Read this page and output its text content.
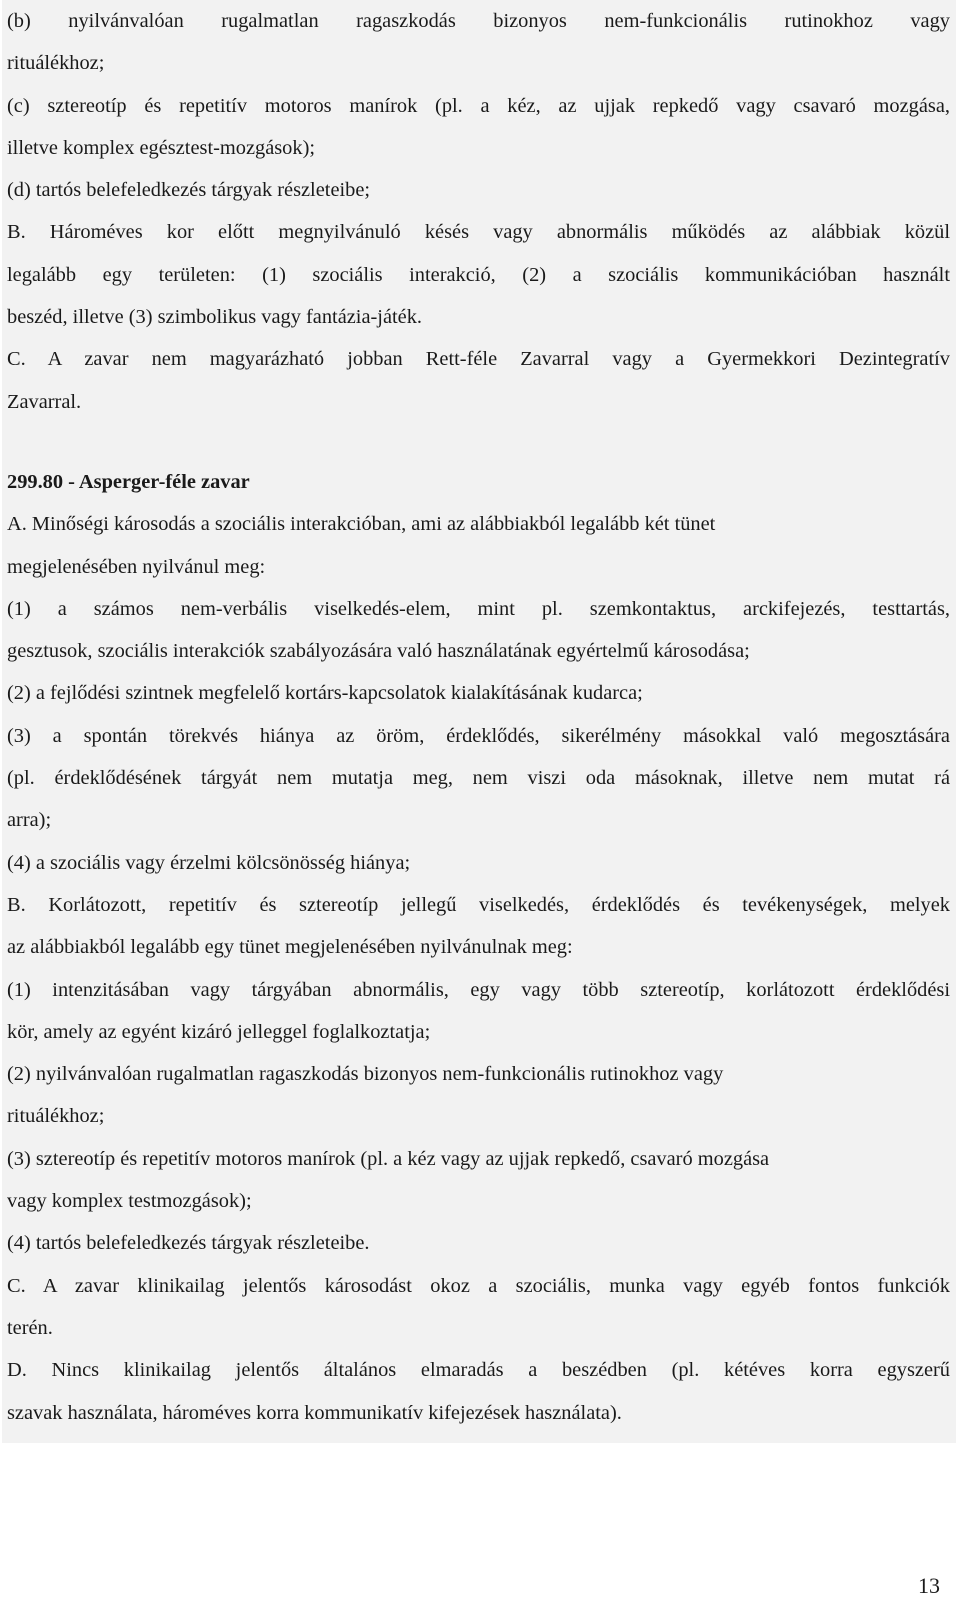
(b) nyilvánvalóan rugalmatlan ragaszkodás bizonyos nem-funkcionális rutinokhoz vagy
rituálékhoz;
(c) sztereotíp és repetitív motoros manírok (pl. a kéz, az ujjak repkedő vagy csavaró mozgása,
illetve komplex egésztest-mozgások);
(d) tartós belefeledkezés tárgyak részleteibe;
B. Hároméves kor előtt megnyilvánuló késés vagy abnormális működés az alábbiak közül
legalább egy területen: (1) szociális interakció, (2) a szociális kommunikációban használt
beszéd, illetve (3) szimbolikus vagy fantázia-játék.
C. A zavar nem magyarázható jobban Rett-féle Zavarral vagy a Gyermekkori Dezintegratív
Zavarral.
299.80 - Asperger-féle zavar
A. Minőségi károsodás a szociális interakcióban, ami az alábbiakból legalább két tünet
megjelenésében nyilvánul meg:
(1) a számos nem-verbális viselkedés-elem, mint pl. szemkontaktus, arckifejezés, testtartás,
gesztusok, szociális interakciók szabályozására való használatának egyértelmű károsodása;
(2) a fejlődési szintnek megfelelő kortárs-kapcsolatok kialakításának kudarca;
(3) a spontán törekvés hiánya az öröm, érdeklődés, sikerélmény másokkal való megosztására
(pl. érdeklődésének tárgyát nem mutatja meg, nem viszi oda másoknak, illetve nem mutat rá
arra);
(4) a szociális vagy érzelmi kölcsönösség hiánya;
B. Korlátozott, repetitív és sztereotíp jellegű viselkedés, érdeklődés és tevékenységek, melyek
az alábbiakból legalább egy tünet megjelenésében nyilvánulnak meg:
(1) intenzitásában vagy tárgyában abnormális, egy vagy több sztereotíp, korlátozott érdeklődési
kör, amely az egyént kizáró jelleggel foglalkoztatja;
(2) nyilvánvalóan rugalmatlan ragaszkodás bizonyos nem-funkcionális rutinokhoz vagy
rituálékhoz;
(3) sztereotíp és repetitív motoros manírok (pl. a kéz vagy az ujjak repkedő, csavaró mozgása
vagy komplex testmozgások);
(4) tartós belefeledkezés tárgyak részleteibe.
C. A zavar klinikailag jelentős károsodást okoz a szociális, munka vagy egyéb fontos funkciók
terén.
D. Nincs klinikailag jelentős általános elmaradás a beszédben (pl. kétéves korra egyszerű
szavak használata, hároméves korra kommunikatív kifejezések használata).
13
